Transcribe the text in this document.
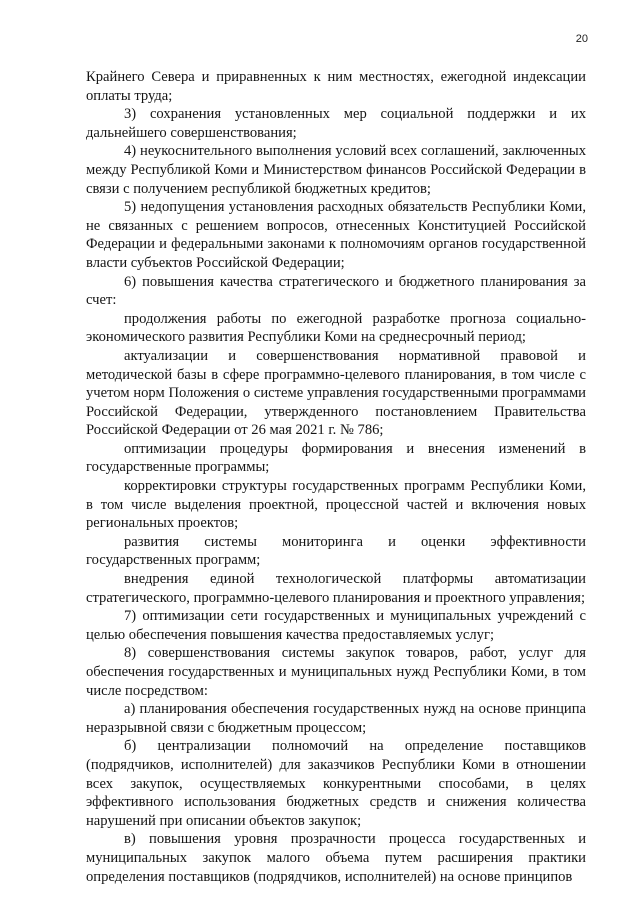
20

Крайнего Севера и приравненных к ним местностях, ежегодной индексации оплаты труда;

3) сохранения установленных мер социальной поддержки и их дальнейшего совершенствования;

4) неукоснительного выполнения условий всех соглашений, заключенных между Республикой Коми и Министерством финансов Российской Федерации в связи с получением республикой бюджетных кредитов;

5) недопущения установления расходных обязательств Республики Коми, не связанных с решением вопросов, отнесенных Конституцией Российской Федерации и федеральными законами к полномочиям органов государственной власти субъектов Российской Федерации;

6) повышения качества стратегического и бюджетного планирования за счет:

продолжения работы по ежегодной разработке прогноза социально-экономического развития Республики Коми на среднесрочный период;

актуализации и совершенствования нормативной правовой и методической базы в сфере программно-целевого планирования, в том числе с учетом норм Положения о системе управления государственными программами Российской Федерации, утвержденного постановлением Правительства Российской Федерации от 26 мая 2021 г. № 786;

оптимизации процедуры формирования и внесения изменений в государственные программы;

корректировки структуры государственных программ Республики Коми, в том числе выделения проектной, процессной частей и включения новых региональных проектов;

развития системы мониторинга и оценки эффективности государственных программ;

внедрения единой технологической платформы автоматизации стратегического, программно-целевого планирования и проектного управления;

7) оптимизации сети государственных и муниципальных учреждений с целью обеспечения повышения качества предоставляемых услуг;

8) совершенствования системы закупок товаров, работ, услуг для обеспечения государственных и муниципальных нужд Республики Коми, в том числе посредством:

а) планирования обеспечения государственных нужд на основе принципа неразрывной связи с бюджетным процессом;

б) централизации полномочий на определение поставщиков (подрядчиков, исполнителей) для заказчиков Республики Коми в отношении всех закупок, осуществляемых конкурентными способами, в целях эффективного использования бюджетных средств и снижения количества нарушений при описании объектов закупок;

в) повышения уровня прозрачности процесса государственных и муниципальных закупок малого объема путем расширения практики определения поставщиков (подрядчиков, исполнителей) на основе принципов
